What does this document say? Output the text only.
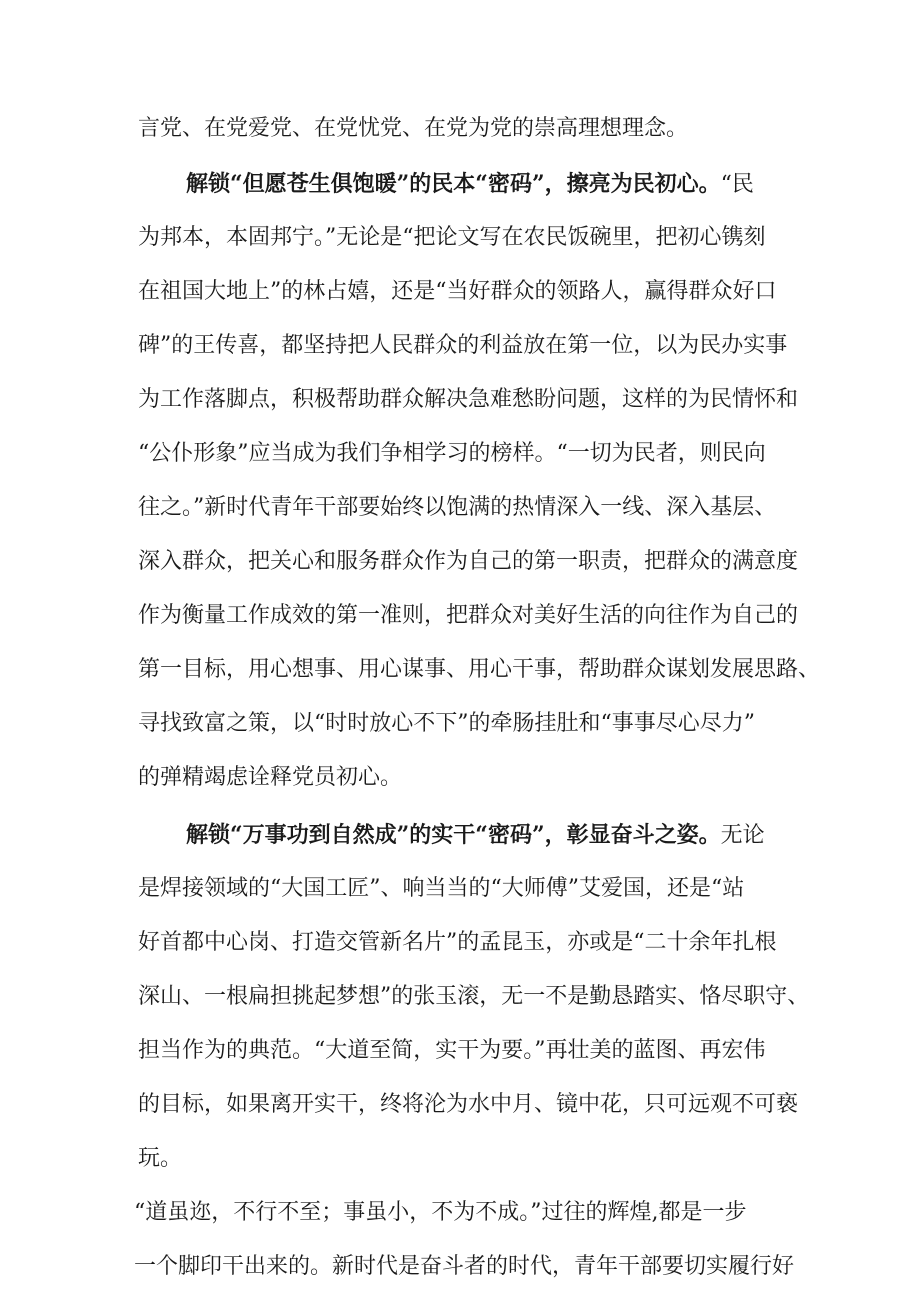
言党、在党爱党、在党忧党、在党为党的崇高理想理念。
解锁“但愿苍生俱饱暖”的民本“密码”，擦亮为民初心。“民
为邦本，本固邦宁。”无论是“把论文写在农民饭碗里，把初心镌刻
在祖国大地上”的林占嬉，还是“当好群众的领路人，赢得群众好口
碑”的王传喜，都坚持把人民群众的利益放在第一位，以为民办实事
为工作落脚点，积极帮助群众解决急难愁盼问题，这样的为民情怀和
“公仆形象”应当成为我们争相学习的榜样。“一切为民者，则民向
往之。”新时代青年干部要始终以饱满的热情深入一线、深入基层、
深入群众，把关心和服务群众作为自己的第一职责，把群众的满意度
作为衡量工作成效的第一准则，把群众对美好生活的向往作为自己的
第一目标，用心想事、用心谋事、用心干事，帮助群众谋划发展思路、
寻找致富之策，以“时时放心不下”的牵肠挂肚和“事事尽心尽力”
的弹精竭虑诠释党员初心。
解锁“万事功到自然成”的实干“密码”，彰显奋斗之姿。无论
是焊接领域的“大国工匠”、响当当的“大师傅”艾爱国，还是“站
好首都中心岗、打造交管新名片”的孟昆玉，亦或是“二十余年扎根
深山、一根扁担挑起梦想”的张玉滚，无一不是勤恳踏实、恪尽职守、
担当作为的典范。“大道至简，实干为要。”再壮美的蓝图、再宏伟
的目标，如果离开实干，终将沦为水中月、镜中花，只可远观不可亵
玩。
“道虽迩，不行不至；事虽小，不为不成。”过往的辉煌,都是一步
一个脚印干出来的。新时代是奋斗者的时代，青年干部要切实履行好
